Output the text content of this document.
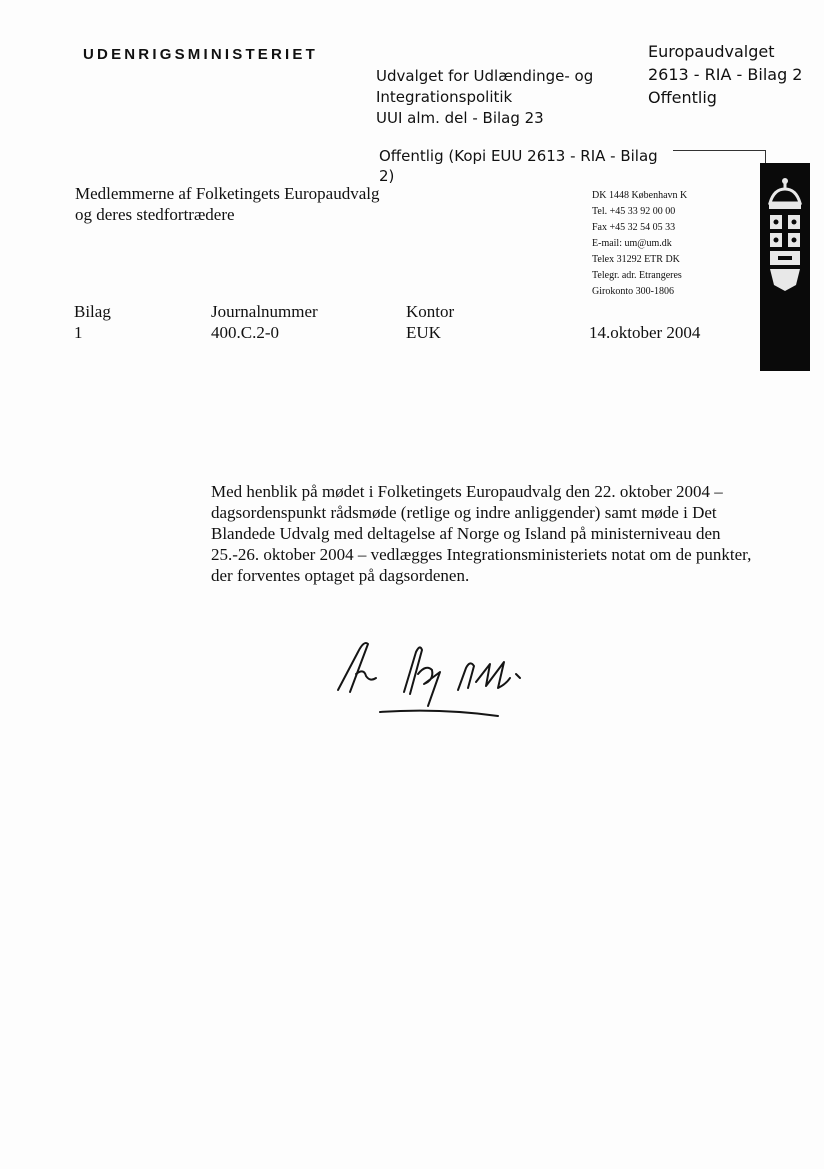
UDENRIGSMINISTERIET
Udvalget for Udlændinge- og
Integrationspolitik
UUI alm. del - Bilag 23
Europaudvalget
2613 - RIA - Bilag 2
Offentlig
Offentlig (Kopi EUU 2613 - RIA - Bilag
2)
Medlemmerne af Folketingets Europaudvalg
og deres stedfortrædere
DK 1448 København K
Tel. +45 33 92 00 00
Fax +45 32 54 05 33
E-mail: um@um.dk
Telex 31292 ETR DK
Telegr. adr. Etrangeres
Girokonto 300-1806
Bilag
1
Journalnummer
400.C.2-0
Kontor
EUK	14.oktober 2004
Med henblik på mødet i Folketingets Europaudvalg den 22. oktober 2004 – dagsordenspunkt rådsmøde (retlige og indre anliggender) samt møde i Det Blandede Udvalg med deltagelse af Norge og Island på ministerniveau den 25.-26. oktober 2004 – vedlægges Integrationsministeriets notat om de punkter, der forventes optaget på dagsordenen.
